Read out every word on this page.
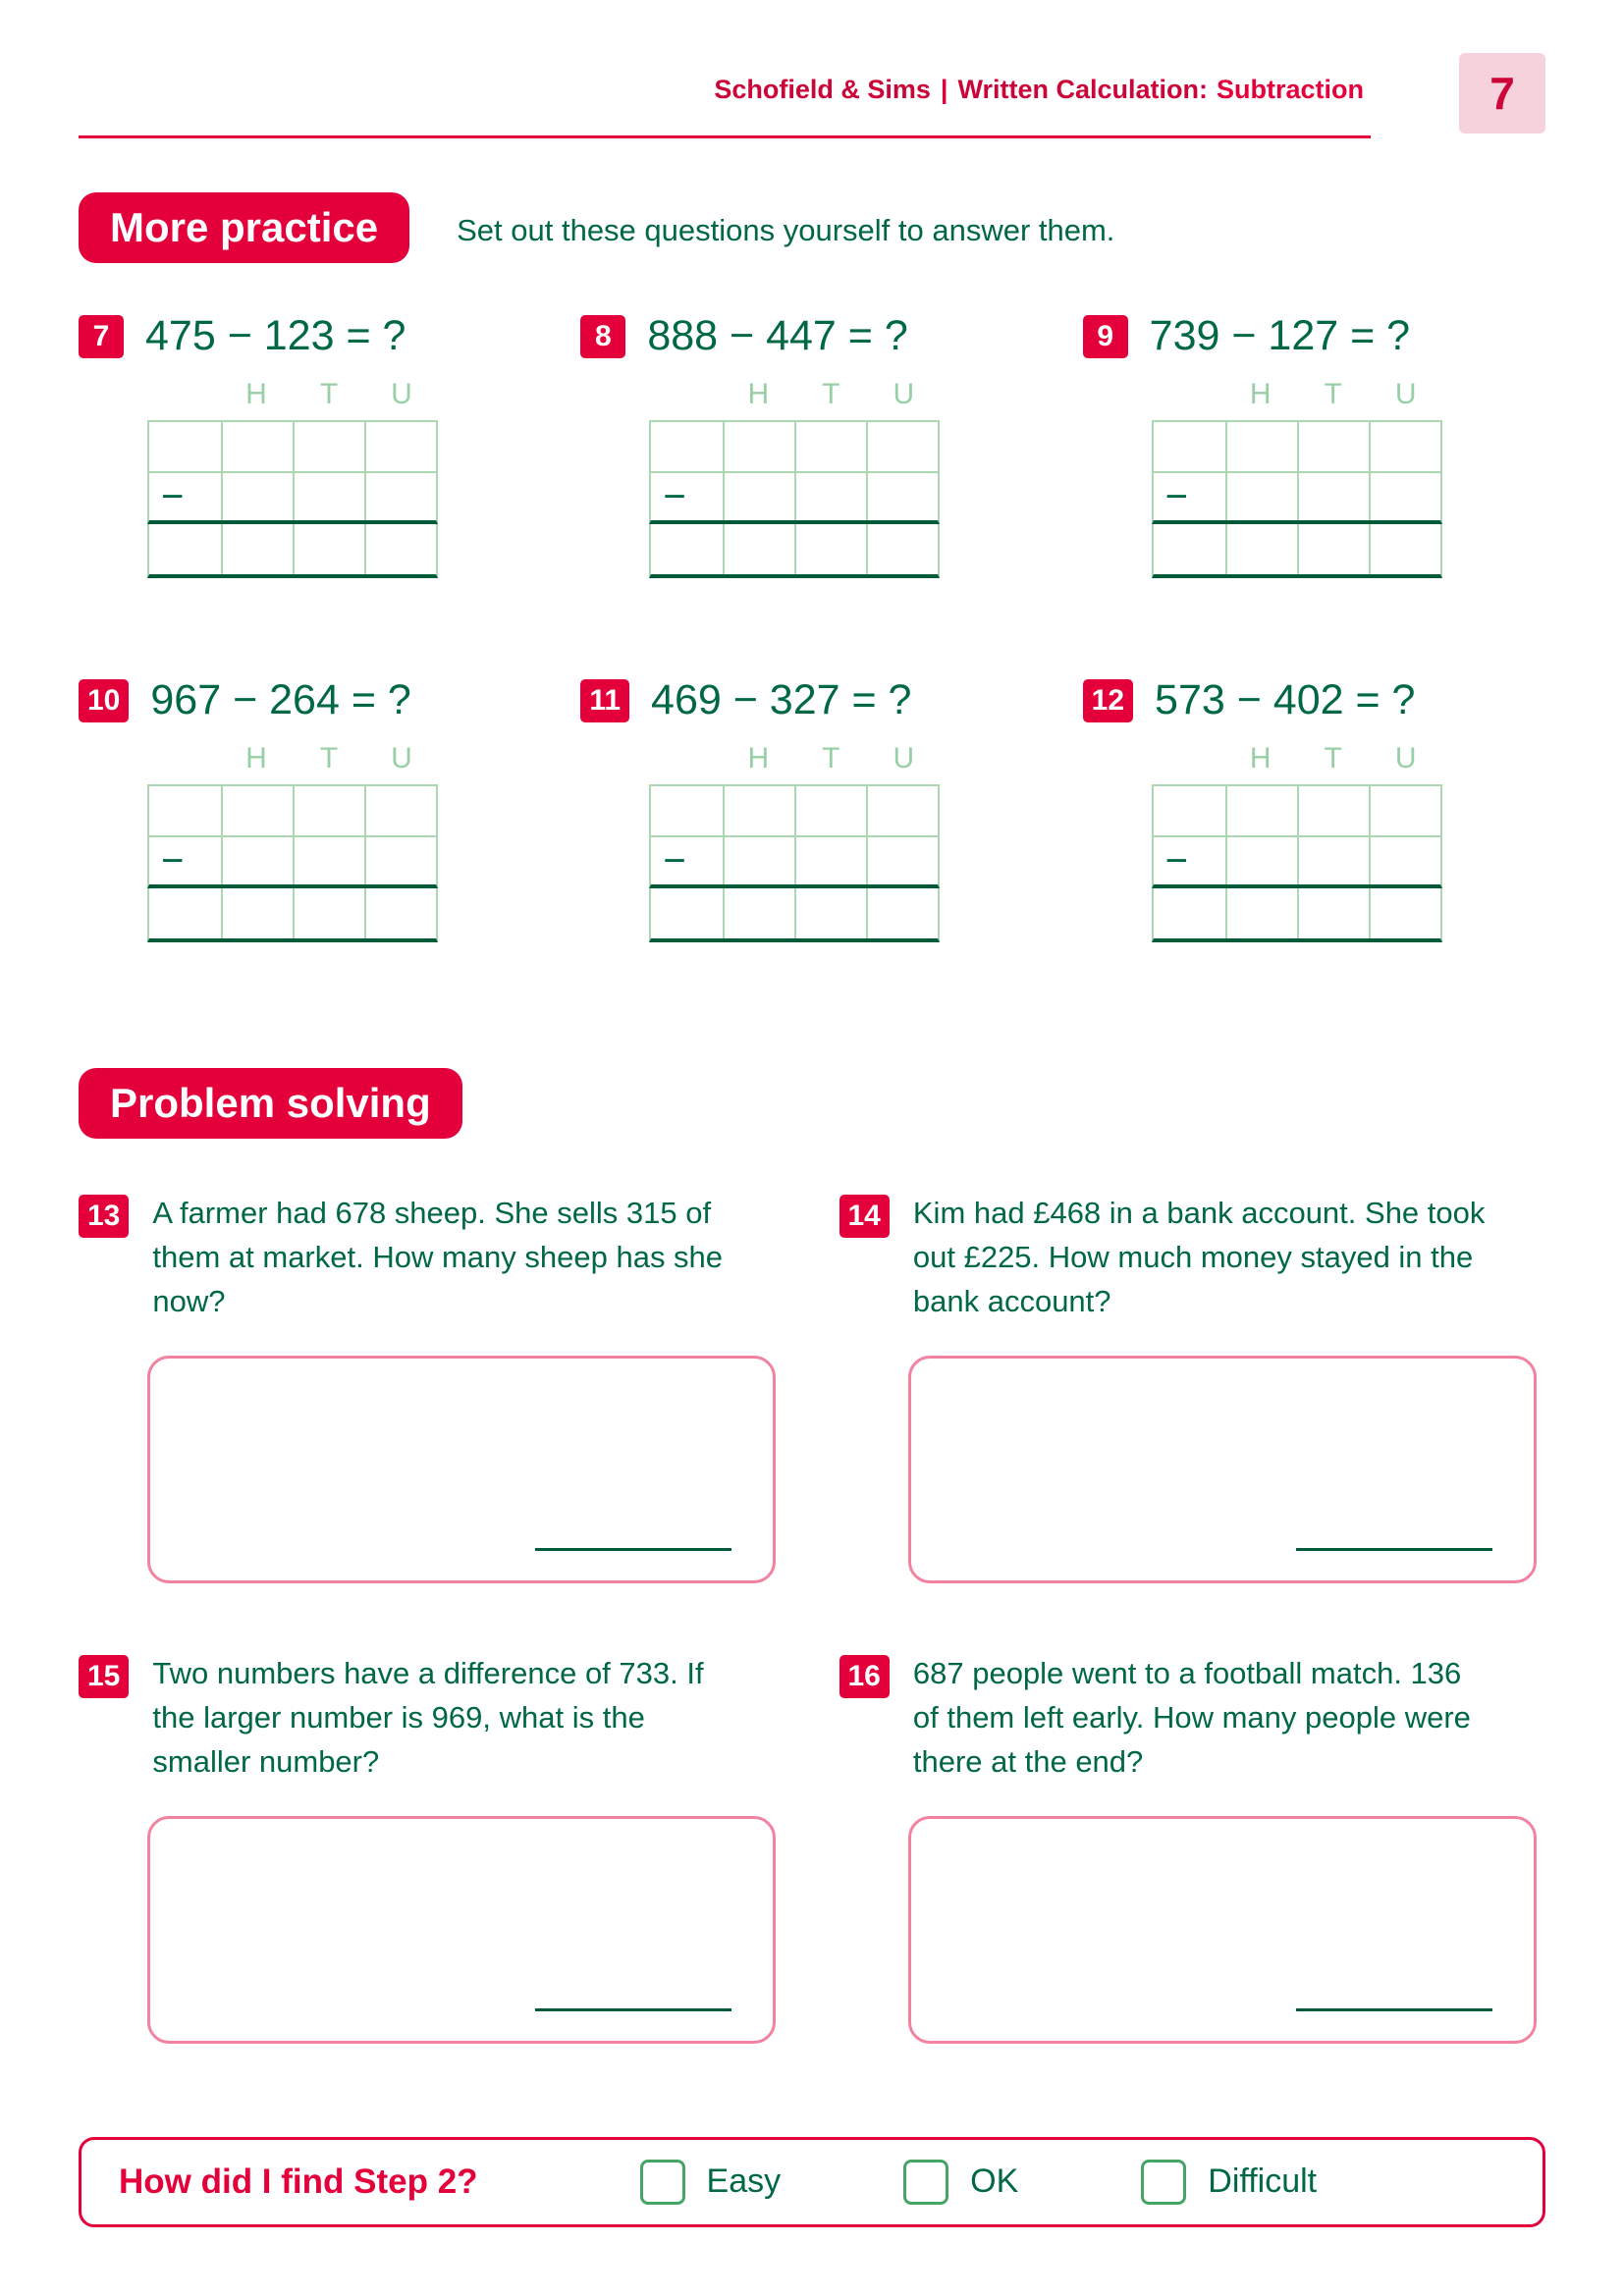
Schofield & Sims | Written Calculation: Subtraction	7
More practice	Set out these questions yourself to answer them.
7 475 − 123 = ?
H	T	U
−
8 888 − 447 = ?
H	T	U
−
9 739 − 127 = ?
H	T	U
−
10 967 − 264 = ?
H	T	U
−
11 469 − 327 = ?
H	T	U
−
12 573 − 402 = ?
H	T	U
−
Problem solving
13 A farmer had 678 sheep. She sells 315 of them at market. How many sheep has she now?

14 Kim had £468 in a bank account. She took out £225. How much money stayed in the bank account?

15 Two numbers have a difference of 733. If the larger number is 969, what is the smaller number?

16 687 people went to a football match. 136 of them left early. How many people were there at the end?

How did I find Step 2?	Easy	OK	Difficult
